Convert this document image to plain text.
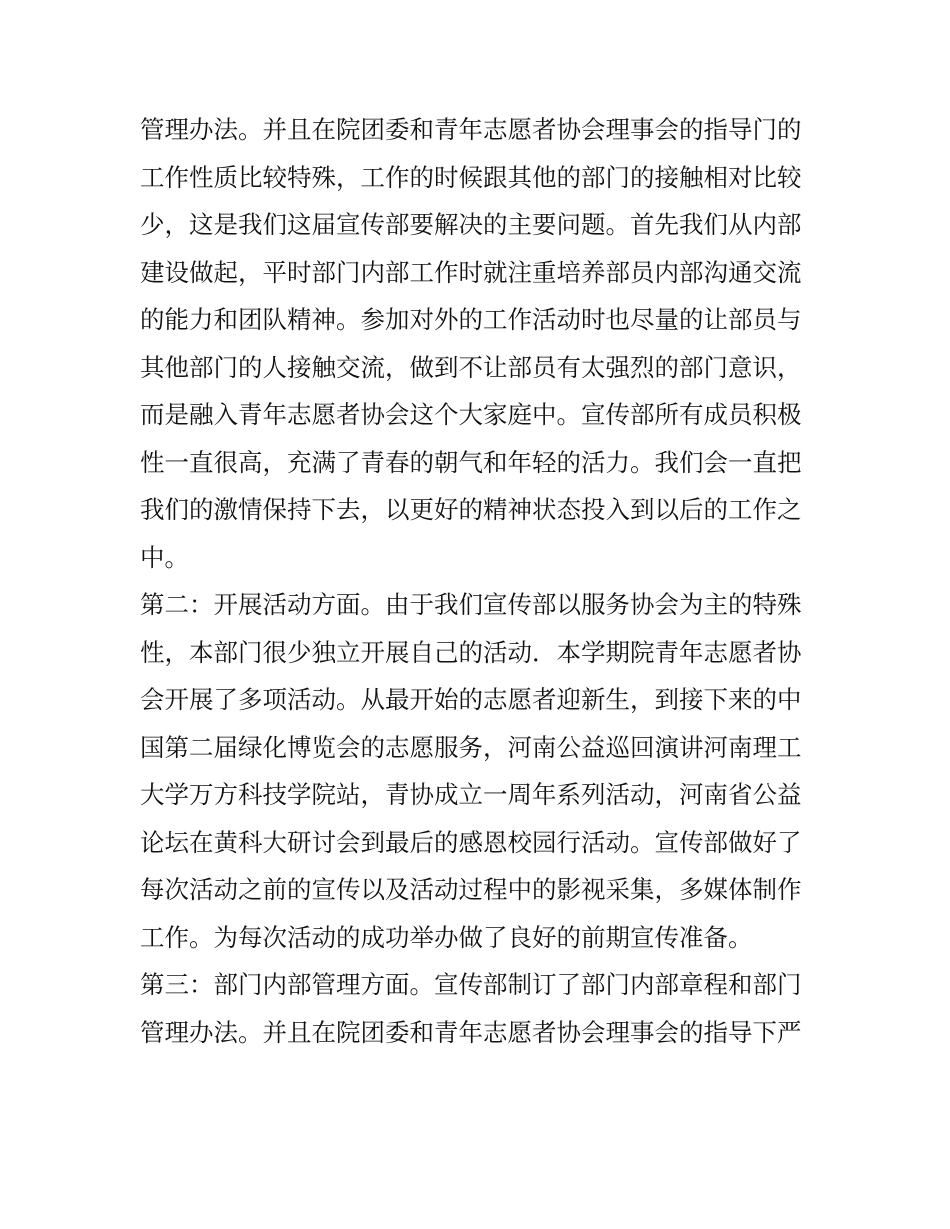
管理办法。并且在院团委和青年志愿者协会理事会的指导门的
工作性质比较特殊，工作的时候跟其他的部门的接触相对比较
少，这是我们这届宣传部要解决的主要问题。首先我们从内部
建设做起，平时部门内部工作时就注重培养部员内部沟通交流
的能力和团队精神。参加对外的工作活动时也尽量的让部员与
其他部门的人接触交流，做到不让部员有太强烈的部门意识，
而是融入青年志愿者协会这个大家庭中。宣传部所有成员积极
性一直很高，充满了青春的朝气和年轻的活力。我们会一直把
我们的激情保持下去，以更好的精神状态投入到以后的工作之
中。
第二：开展活动方面。由于我们宣传部以服务协会为主的特殊
性，本部门很少独立开展自己的活动．本学期院青年志愿者协
会开展了多项活动。从最开始的志愿者迎新生，到接下来的中
国第二届绿化博览会的志愿服务，河南公益巡回演讲河南理工
大学万方科技学院站，青协成立一周年系列活动，河南省公益
论坛在黄科大研讨会到最后的感恩校园行活动。宣传部做好了
每次活动之前的宣传以及活动过程中的影视采集，多媒体制作
工作。为每次活动的成功举办做了良好的前期宣传准备。
第三：部门内部管理方面。宣传部制订了部门内部章程和部门
管理办法。并且在院团委和青年志愿者协会理事会的指导下严
